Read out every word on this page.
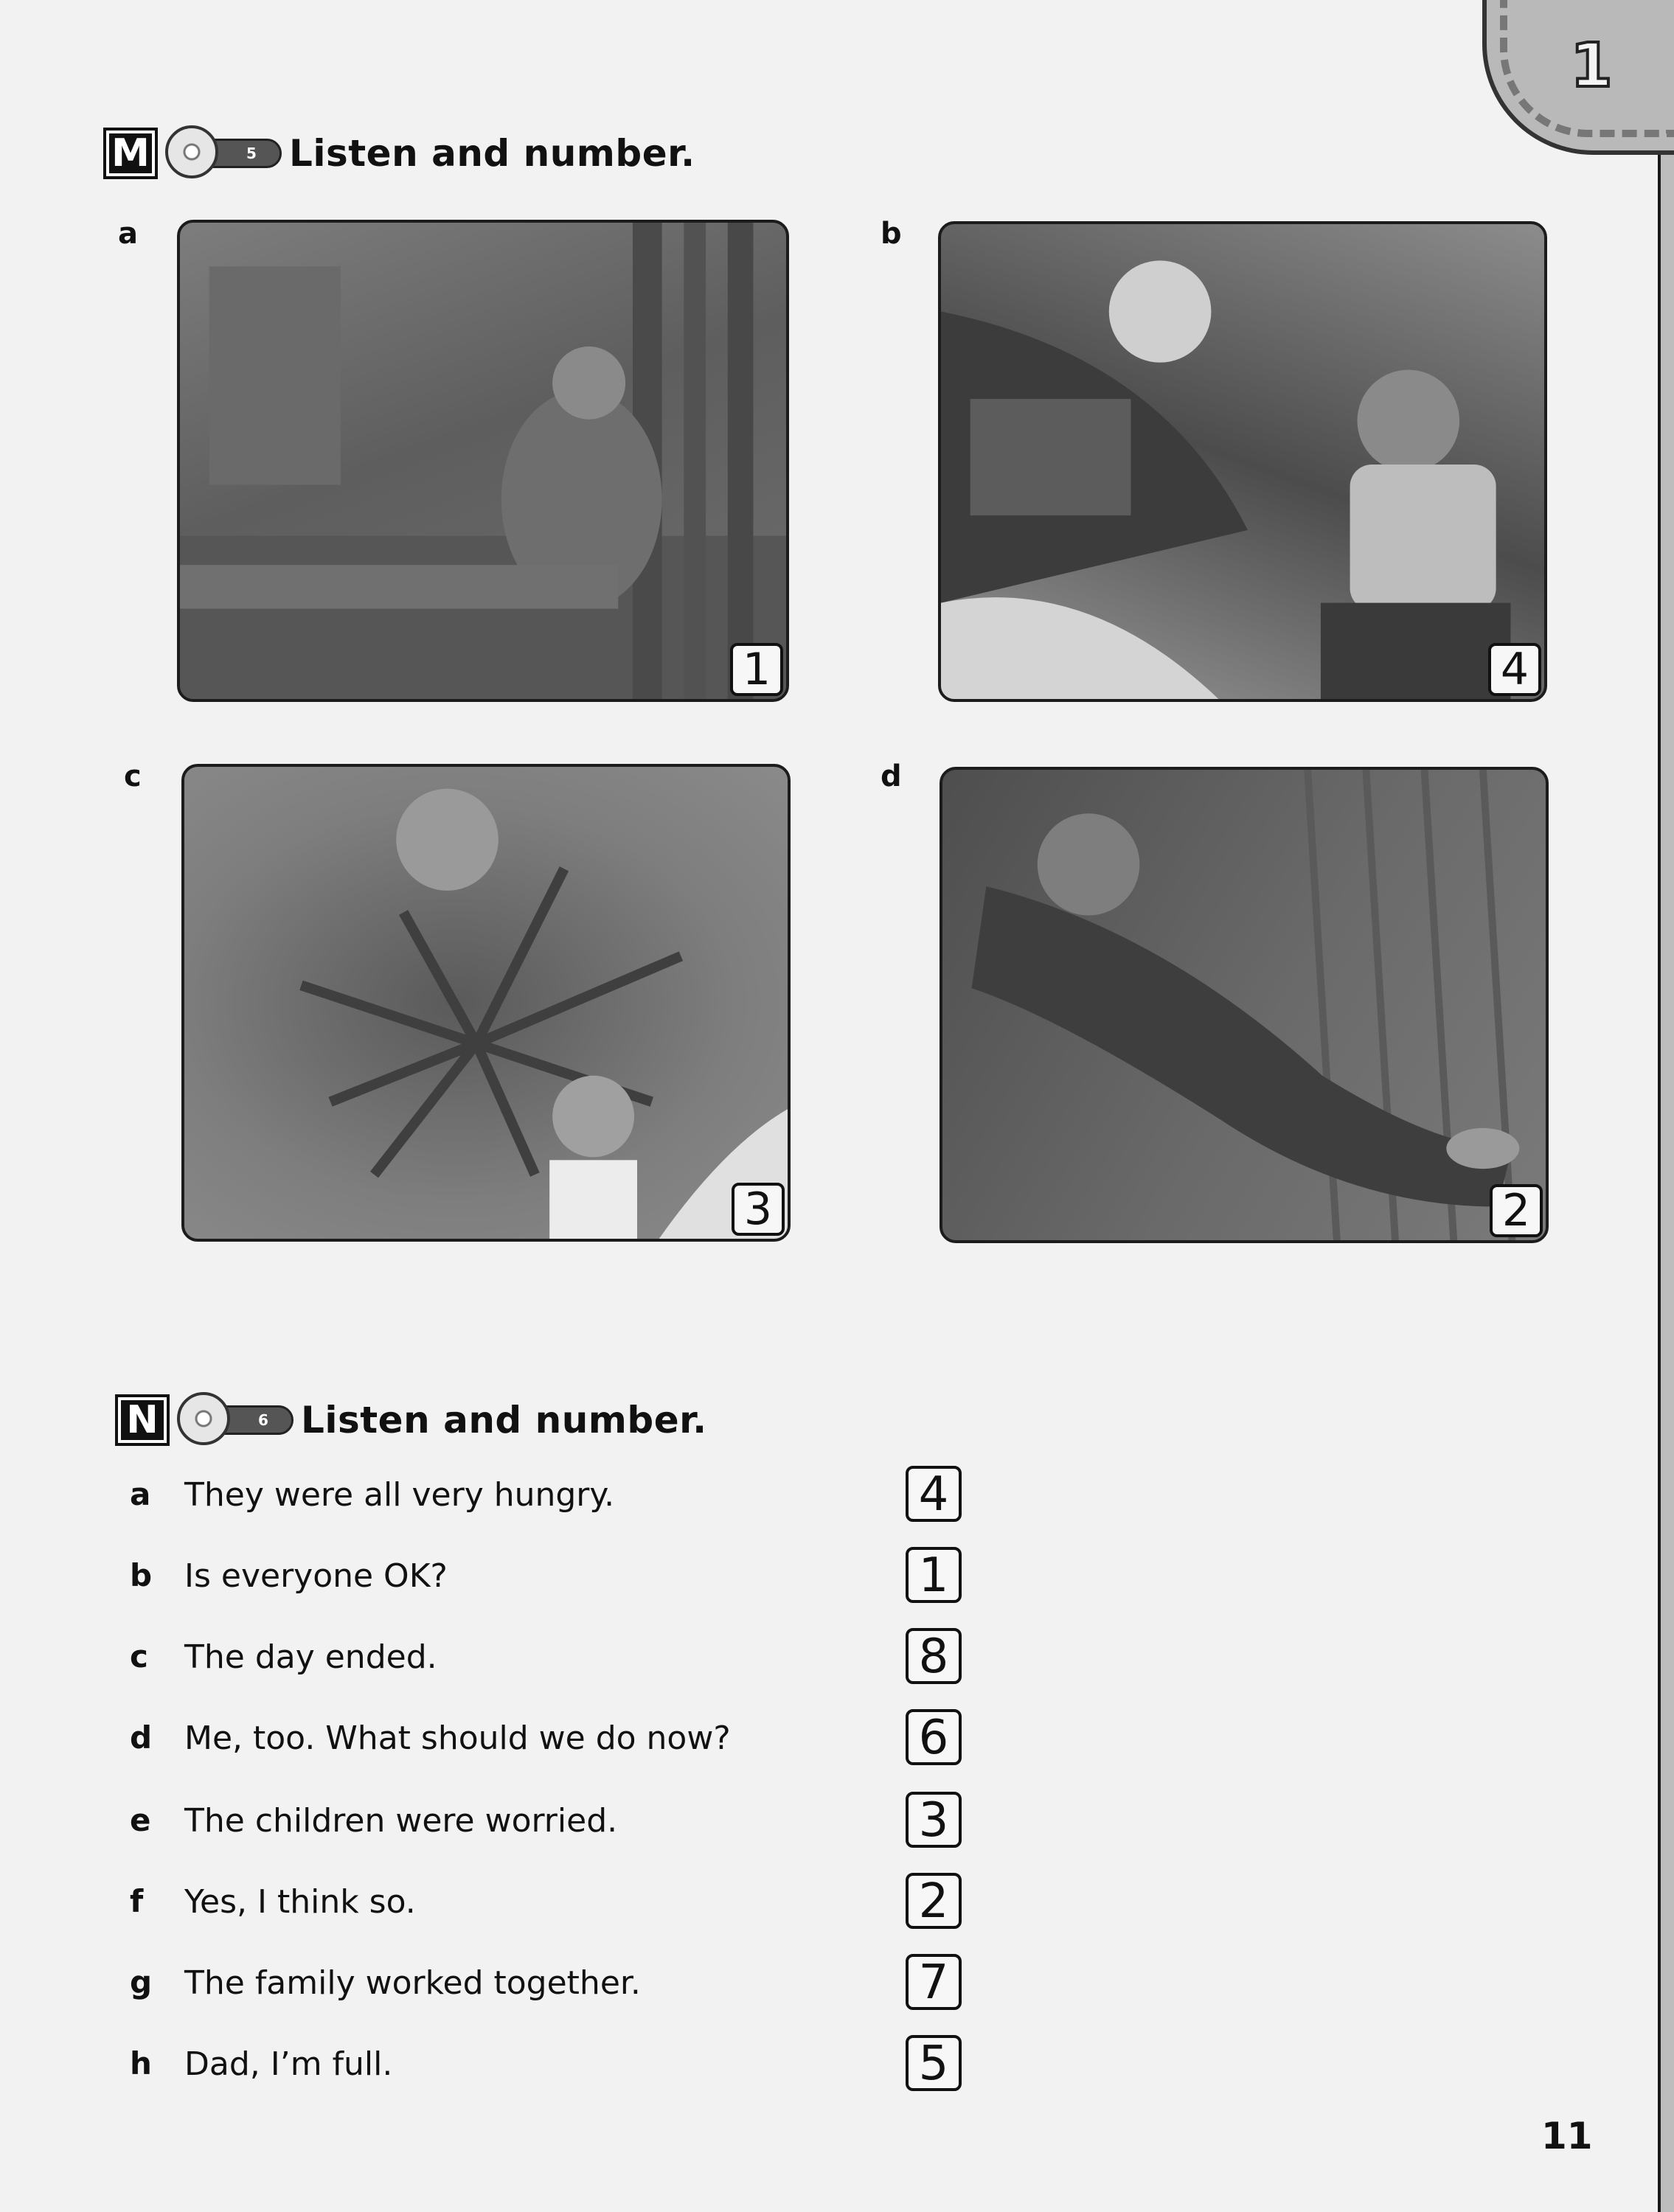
1
M	5 Listen and number.
a
1
b
4
c
3
d
2
N	6 Listen and number.
a They were all very hungry.	4
b Is everyone OK?	1
c The day ended.	8
d Me, too. What should we do now?	6
e The children were worried.	3
f Yes, I think so.	2
g The family worked together.	7
h Dad, I’m full.	5
11
